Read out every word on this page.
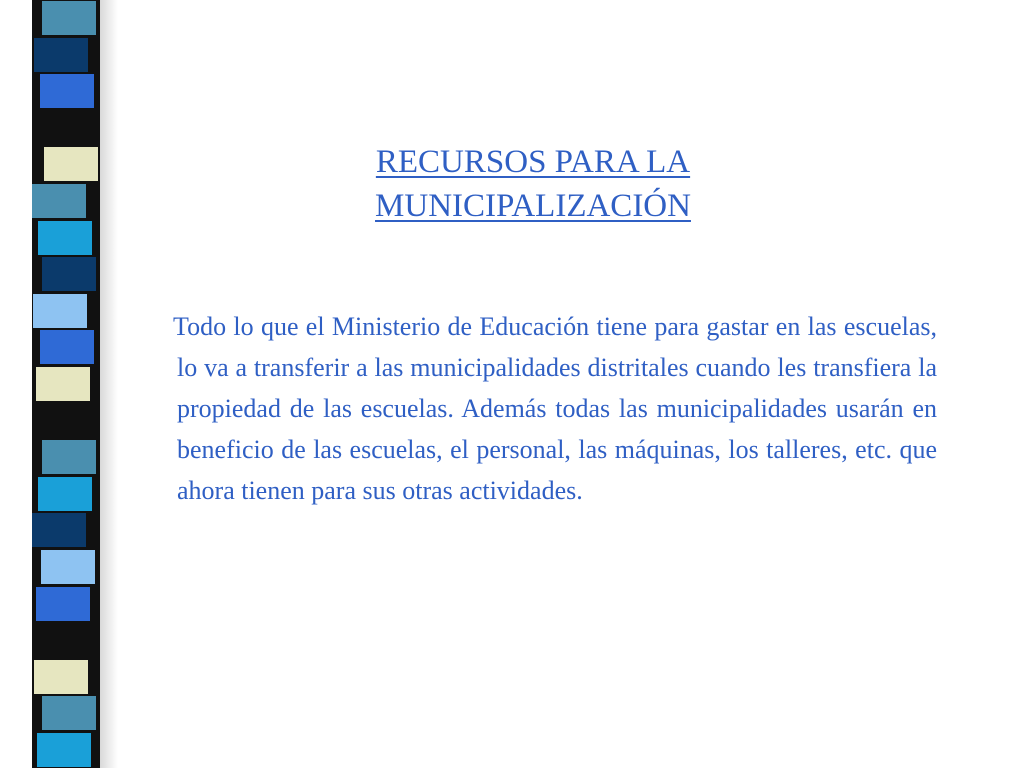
RECURSOS PARA LA
MUNICIPALIZACIÓN

Todo lo que el Ministerio de Educación tiene para gastar en las escuelas, lo va a transferir a las municipalidades distritales cuando les transfiera la propiedad de las escuelas. Además todas las municipalidades usarán en beneficio de las escuelas, el personal, las máquinas, los talleres, etc. que ahora tienen para sus otras actividades.
